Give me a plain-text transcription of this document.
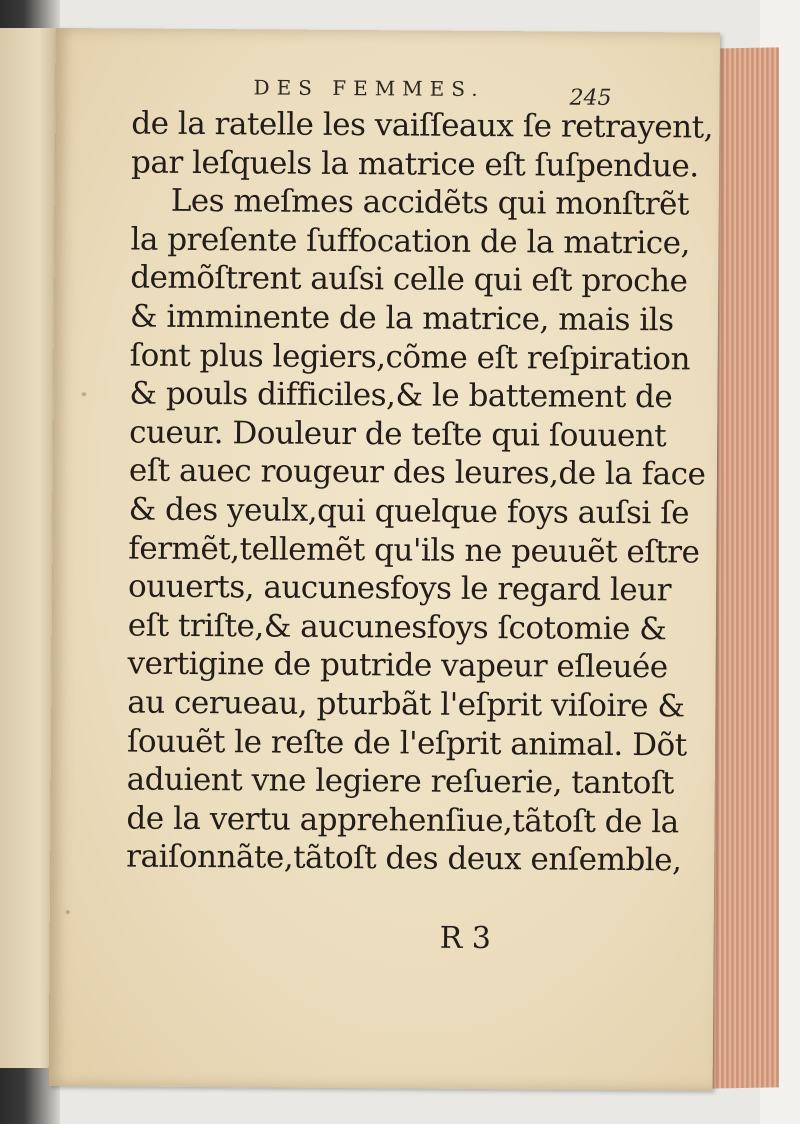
DES FEMMES.	245
de la ratelle les vaiſſeaux ſe retrayent,
par leſquels la matrice eſt ſuſpendue.
Les meſmes accidẽts qui monſtrẽt
la preſente ſuffocation de la matrice,
demõſtrent auſsi celle qui eſt proche
& imminente de la matrice, mais ils
ſont plus legiers,cõme eſt reſpiration
& pouls difficiles,& le battement de
cueur. Douleur de teſte qui ſouuent
eſt auec rougeur des leures,de la face
& des yeulx,qui quelque foys auſsi ſe
fermẽt,tellemẽt qu'ils ne peuuẽt eſtre
ouuerts, aucunesfoys le regard leur
eſt triſte,& aucunesfoys ſcotomie &
vertigine de putride vapeur eſleuée
au cerueau, pturbãt l'eſprit viſoire &
ſouuẽt le reſte de l'eſprit animal. Dõt
aduient vne legiere reſuerie, tantoſt
de la vertu apprehenſiue,tãtoſt de la
raiſonnãte,tãtoſt des deux enſemble,
R 3
